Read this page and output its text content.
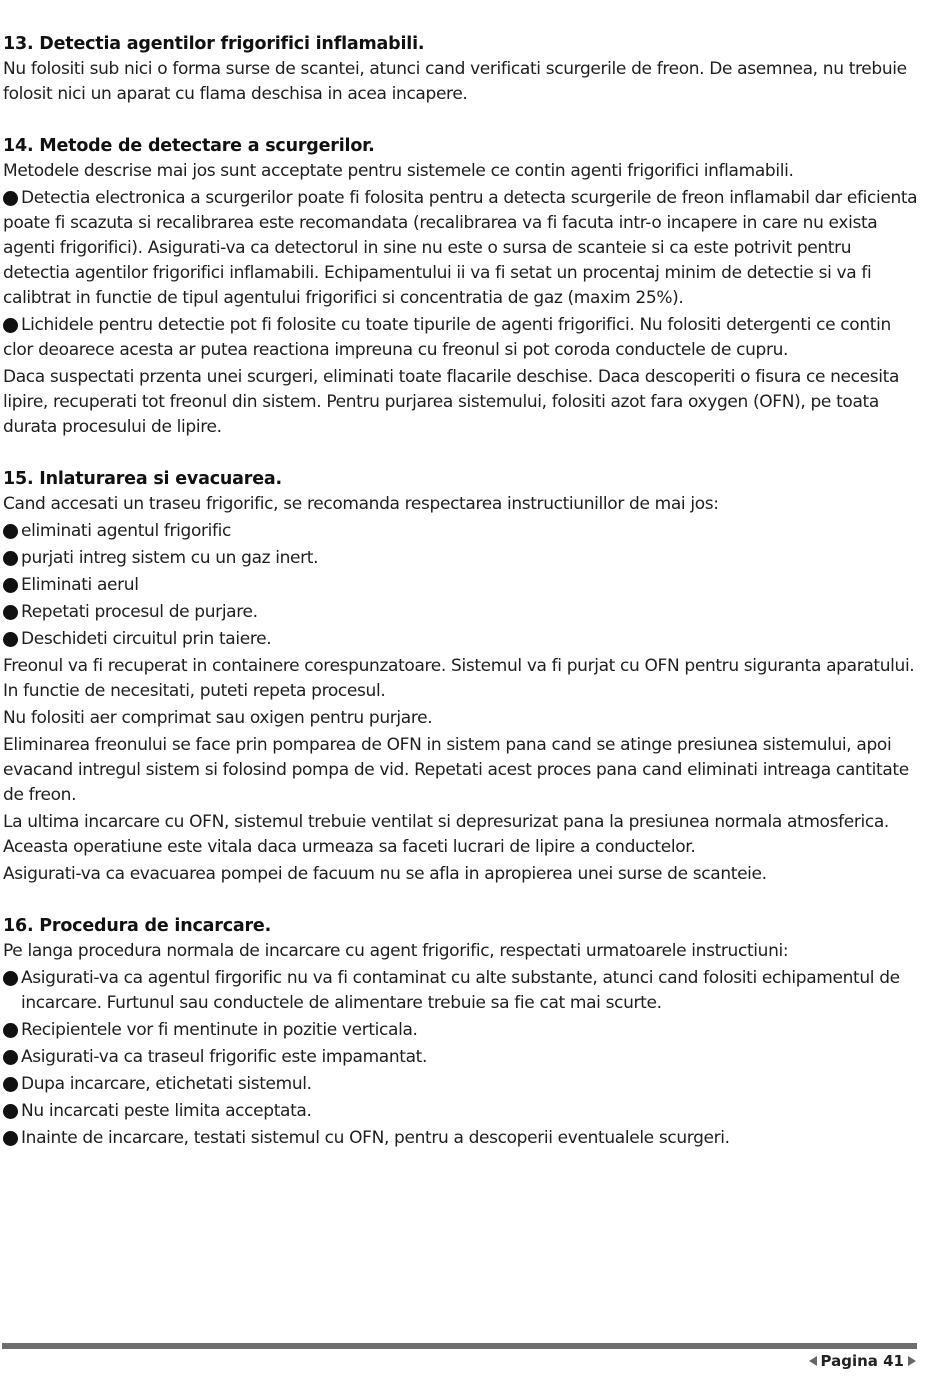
13. Detectia agentilor frigorifici inflamabili.

Nu folositi sub nici o forma surse de scantei, atunci cand verificati scurgerile de freon. De asemnea, nu trebuie folosit nici un aparat cu flama deschisa in acea incapere.

14. Metode de detectare a scurgerilor.

Metodele descrise mai jos sunt acceptate pentru sistemele ce contin agenti frigorifici inflamabili.

Detectia electronica a scurgerilor poate fi folosita pentru a detecta scurgerile de freon inflamabil dar eficienta poate fi scazuta si recalibrarea este recomandata (recalibrarea va fi facuta intr-o incapere in care nu exista agenti frigorifici). Asigurati-va ca detectorul in sine nu este o sursa de scanteie si ca este potrivit pentru detectia agentilor frigorifici inflamabili. Echipamentului ii va fi setat un procentaj minim de detectie si va fi calibtrat in functie de tipul agentului frigorifici si concentratia de gaz (maxim 25%).
Lichidele pentru detectie pot fi folosite cu toate tipurile de agenti frigorifici. Nu folositi detergenti ce contin clor deoarece acesta ar putea reactiona impreuna cu freonul si pot coroda conductele de cupru.

Daca suspectati przenta unei scurgeri, eliminati toate flacarile deschise. Daca descoperiti o fisura ce necesita lipire, recuperati tot freonul din sistem. Pentru purjarea sistemului, folositi azot fara oxygen (OFN), pe toata durata procesului de lipire.

15. Inlaturarea si evacuarea.

Cand accesati un traseu frigorific, se recomanda respectarea instructiunillor de mai jos:

eliminati agentul frigorific
purjati intreg sistem cu un gaz inert.
Eliminati aerul
Repetati procesul de purjare.
Deschideti circuitul prin taiere.

Freonul va fi recuperat in containere corespunzatoare. Sistemul va fi purjat cu OFN pentru siguranta aparatului. In functie de necesitati, puteti repeta procesul.

Nu folositi aer comprimat sau oxigen pentru purjare.

Eliminarea freonului se face prin pomparea de OFN in sistem pana cand se atinge presiunea sistemului, apoi evacand intregul sistem si folosind pompa de vid. Repetati acest proces pana cand eliminati intreaga cantitate de freon.

La ultima incarcare cu OFN, sistemul trebuie ventilat si depresurizat pana la presiunea normala atmosferica. Aceasta operatiune este vitala daca urmeaza sa faceti lucrari de lipire a conductelor.

Asigurati-va ca evacuarea pompei de facuum nu se afla in apropierea unei surse de scanteie.

16. Procedura de incarcare.

Pe langa procedura normala de incarcare cu agent frigorific, respectati urmatoarele instructiuni:

Asigurati-va ca agentul firgorific nu va fi contaminat cu alte substante, atunci cand folositi echipamentul de incarcare. Furtunul sau conductele de alimentare trebuie sa fie cat mai scurte.
Recipientele vor fi mentinute in pozitie verticala.
Asigurati-va ca traseul frigorific este impamantat.
Dupa incarcare, etichetati sistemul.
Nu incarcati peste limita acceptata.
Inainte de incarcare, testati sistemul cu OFN, pentru a descoperii eventualele scurgeri.
Pagina 41
